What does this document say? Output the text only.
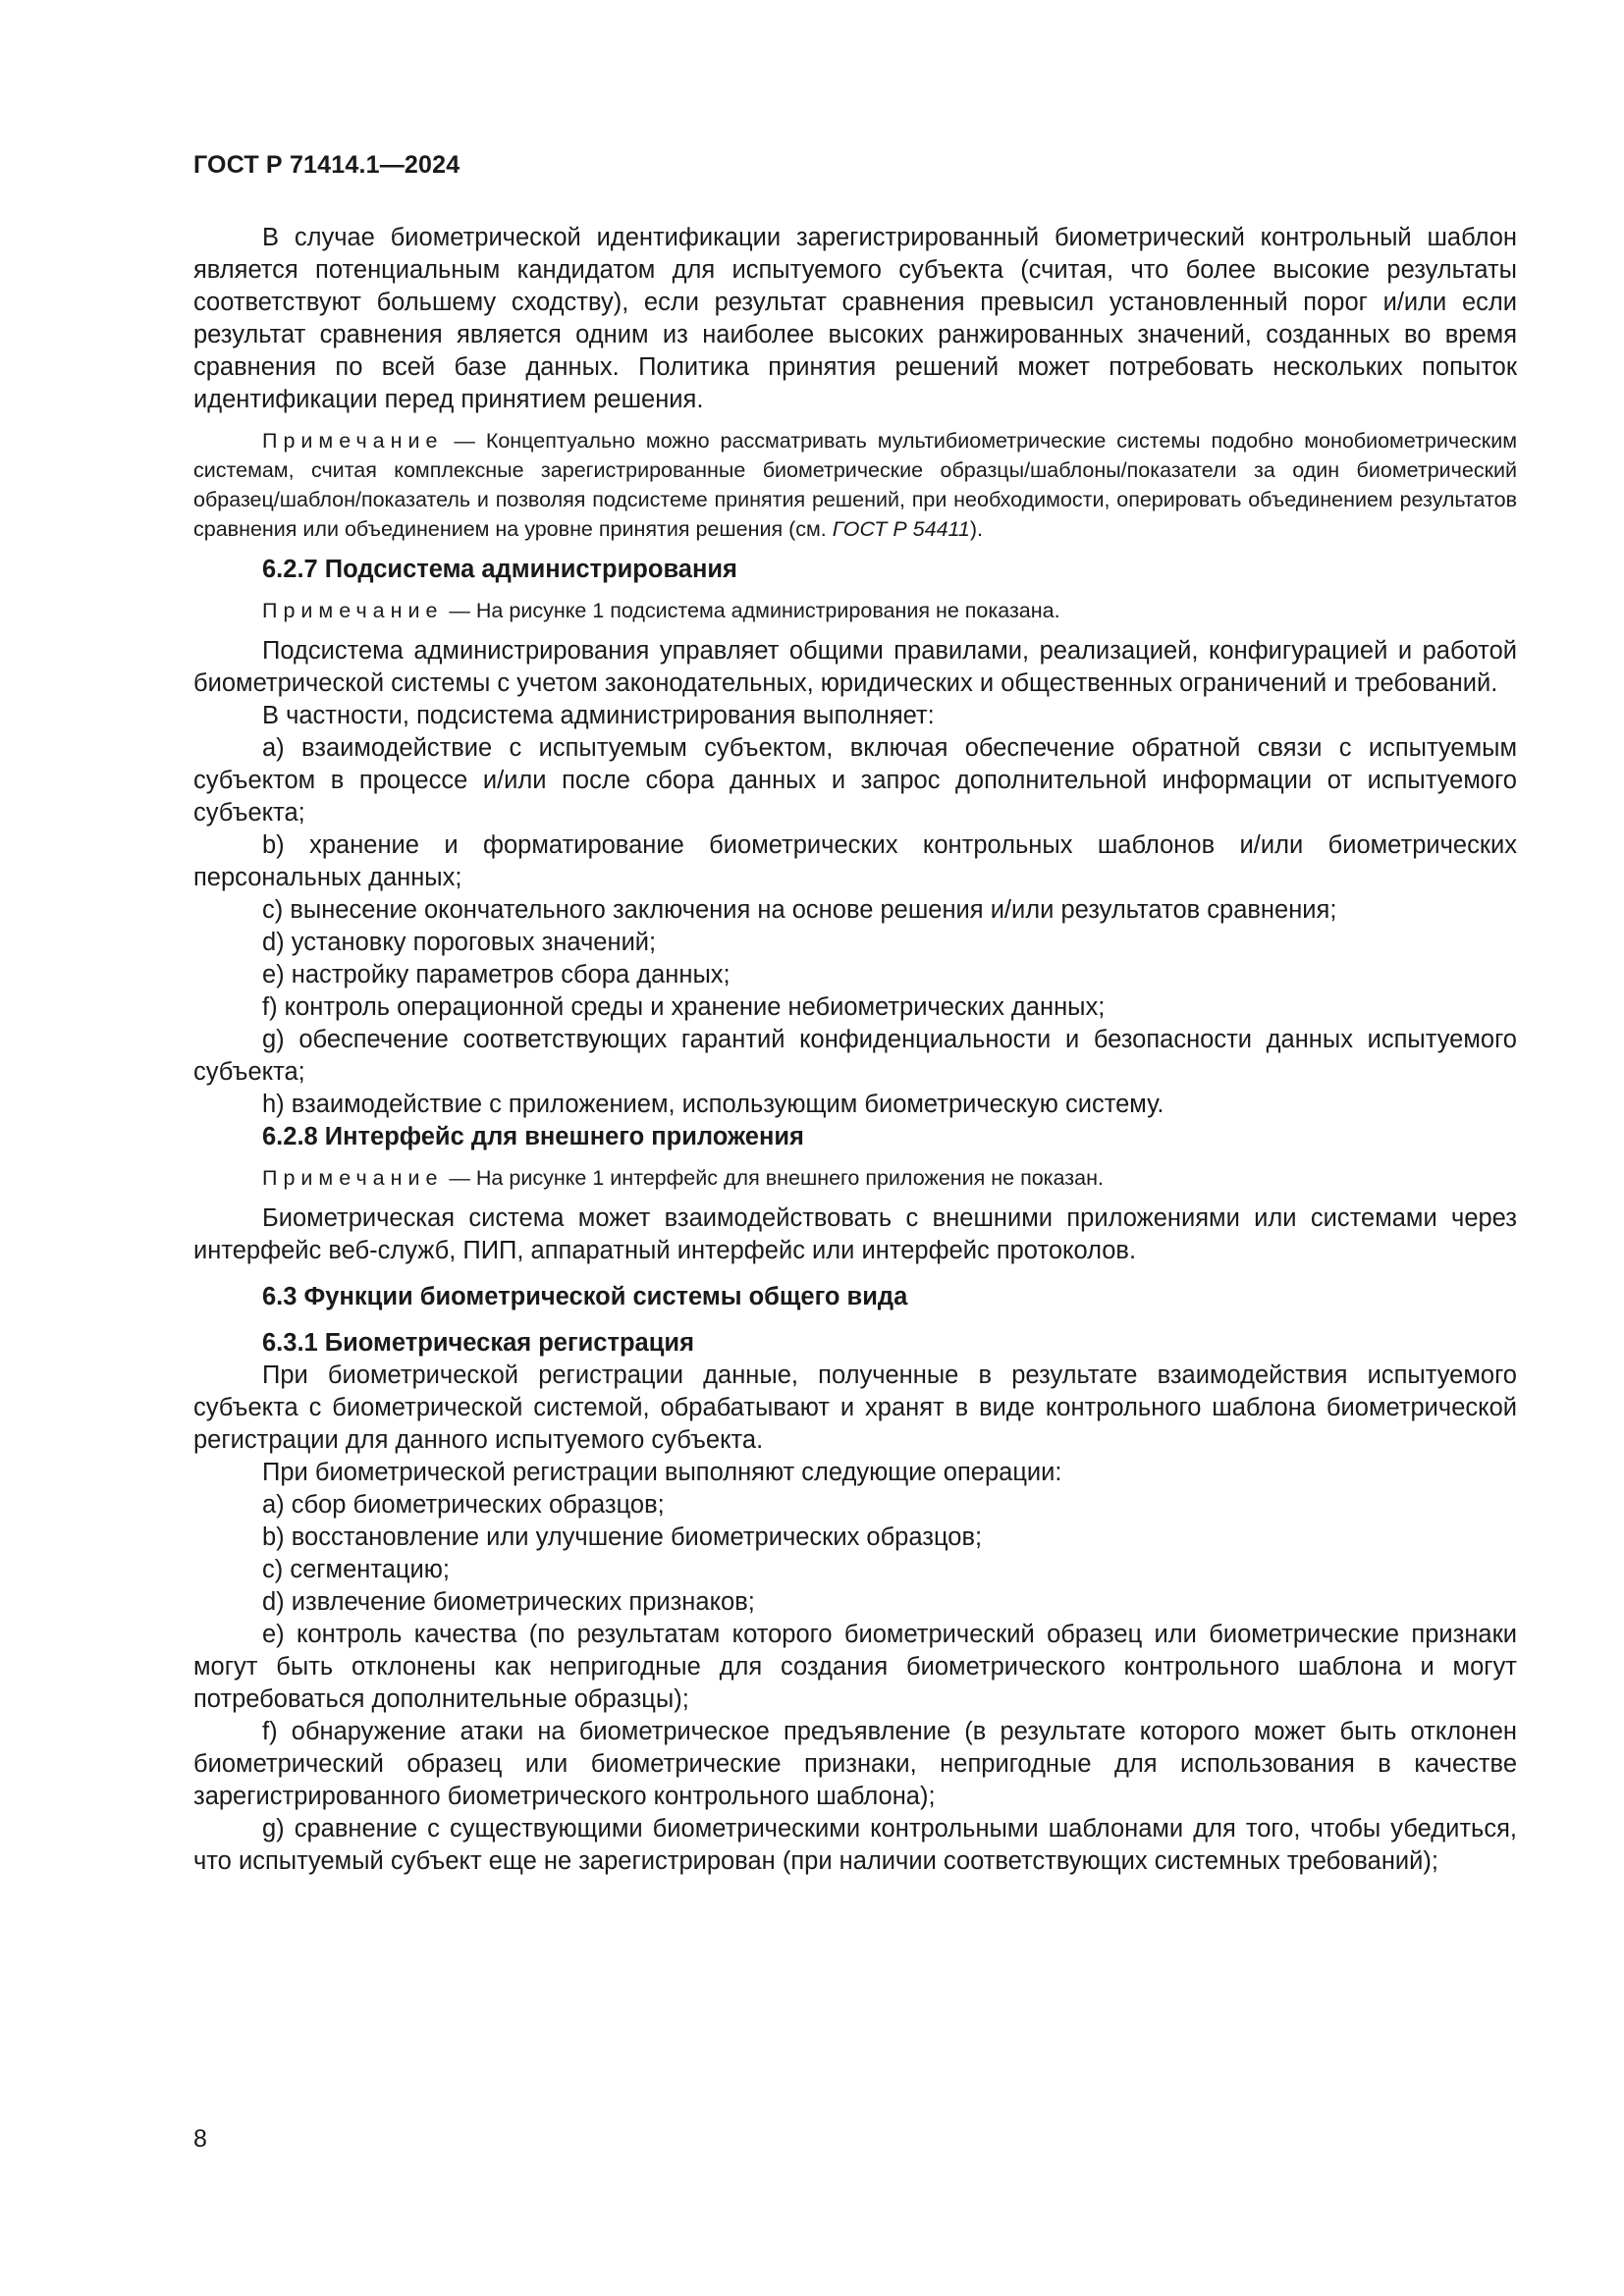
ГОСТ Р 71414.1—2024

В случае биометрической идентификации зарегистрированный биометрический контрольный шаблон является потенциальным кандидатом для испытуемого субъекта (считая, что более высокие результаты соответствуют большему сходству), если результат сравнения превысил установленный порог и/или если результат сравнения является одним из наиболее высоких ранжированных значений, созданных во время сравнения по всей базе данных. Политика принятия решений может потребовать нескольких попыток идентификации перед принятием решения.

Примечание — Концептуально можно рассматривать мультибиометрические системы подобно монобиометрическим системам, считая комплексные зарегистрированные биометрические образцы/шаблоны/показатели за один биометрический образец/шаблон/показатель и позволяя подсистеме принятия решений, при необходимости, оперировать объединением результатов сравнения или объединением на уровне принятия решения (см. ГОСТ Р 54411).

6.2.7 Подсистема администрирования

Примечание — На рисунке 1 подсистема администрирования не показана.

Подсистема администрирования управляет общими правилами, реализацией, конфигурацией и работой биометрической системы с учетом законодательных, юридических и общественных ограничений и требований.

В частности, подсистема администрирования выполняет:

a) взаимодействие с испытуемым субъектом, включая обеспечение обратной связи с испытуемым субъектом в процессе и/или после сбора данных и запрос дополнительной информации от испытуемого субъекта;

b) хранение и форматирование биометрических контрольных шаблонов и/или биометрических персональных данных;

c) вынесение окончательного заключения на основе решения и/или результатов сравнения;

d) установку пороговых значений;

e) настройку параметров сбора данных;

f) контроль операционной среды и хранение небиометрических данных;

g) обеспечение соответствующих гарантий конфиденциальности и безопасности данных испытуемого субъекта;

h) взаимодействие с приложением, использующим биометрическую систему.

6.2.8 Интерфейс для внешнего приложения

Примечание — На рисунке 1 интерфейс для внешнего приложения не показан.

Биометрическая система может взаимодействовать с внешними приложениями или системами через интерфейс веб-служб, ПИП, аппаратный интерфейс или интерфейс протоколов.

6.3 Функции биометрической системы общего вида

6.3.1 Биометрическая регистрация

При биометрической регистрации данные, полученные в результате взаимодействия испытуемого субъекта с биометрической системой, обрабатывают и хранят в виде контрольного шаблона биометрической регистрации для данного испытуемого субъекта.

При биометрической регистрации выполняют следующие операции:

a) сбор биометрических образцов;

b) восстановление или улучшение биометрических образцов;

c) сегментацию;

d) извлечение биометрических признаков;

e) контроль качества (по результатам которого биометрический образец или биометрические признаки могут быть отклонены как непригодные для создания биометрического контрольного шаблона и могут потребоваться дополнительные образцы);

f) обнаружение атаки на биометрическое предъявление (в результате которого может быть отклонен биометрический образец или биометрические признаки, непригодные для использования в качестве зарегистрированного биометрического контрольного шаблона);

g) сравнение с существующими биометрическими контрольными шаблонами для того, чтобы убедиться, что испытуемый субъект еще не зарегистрирован (при наличии соответствующих системных требований);

8
